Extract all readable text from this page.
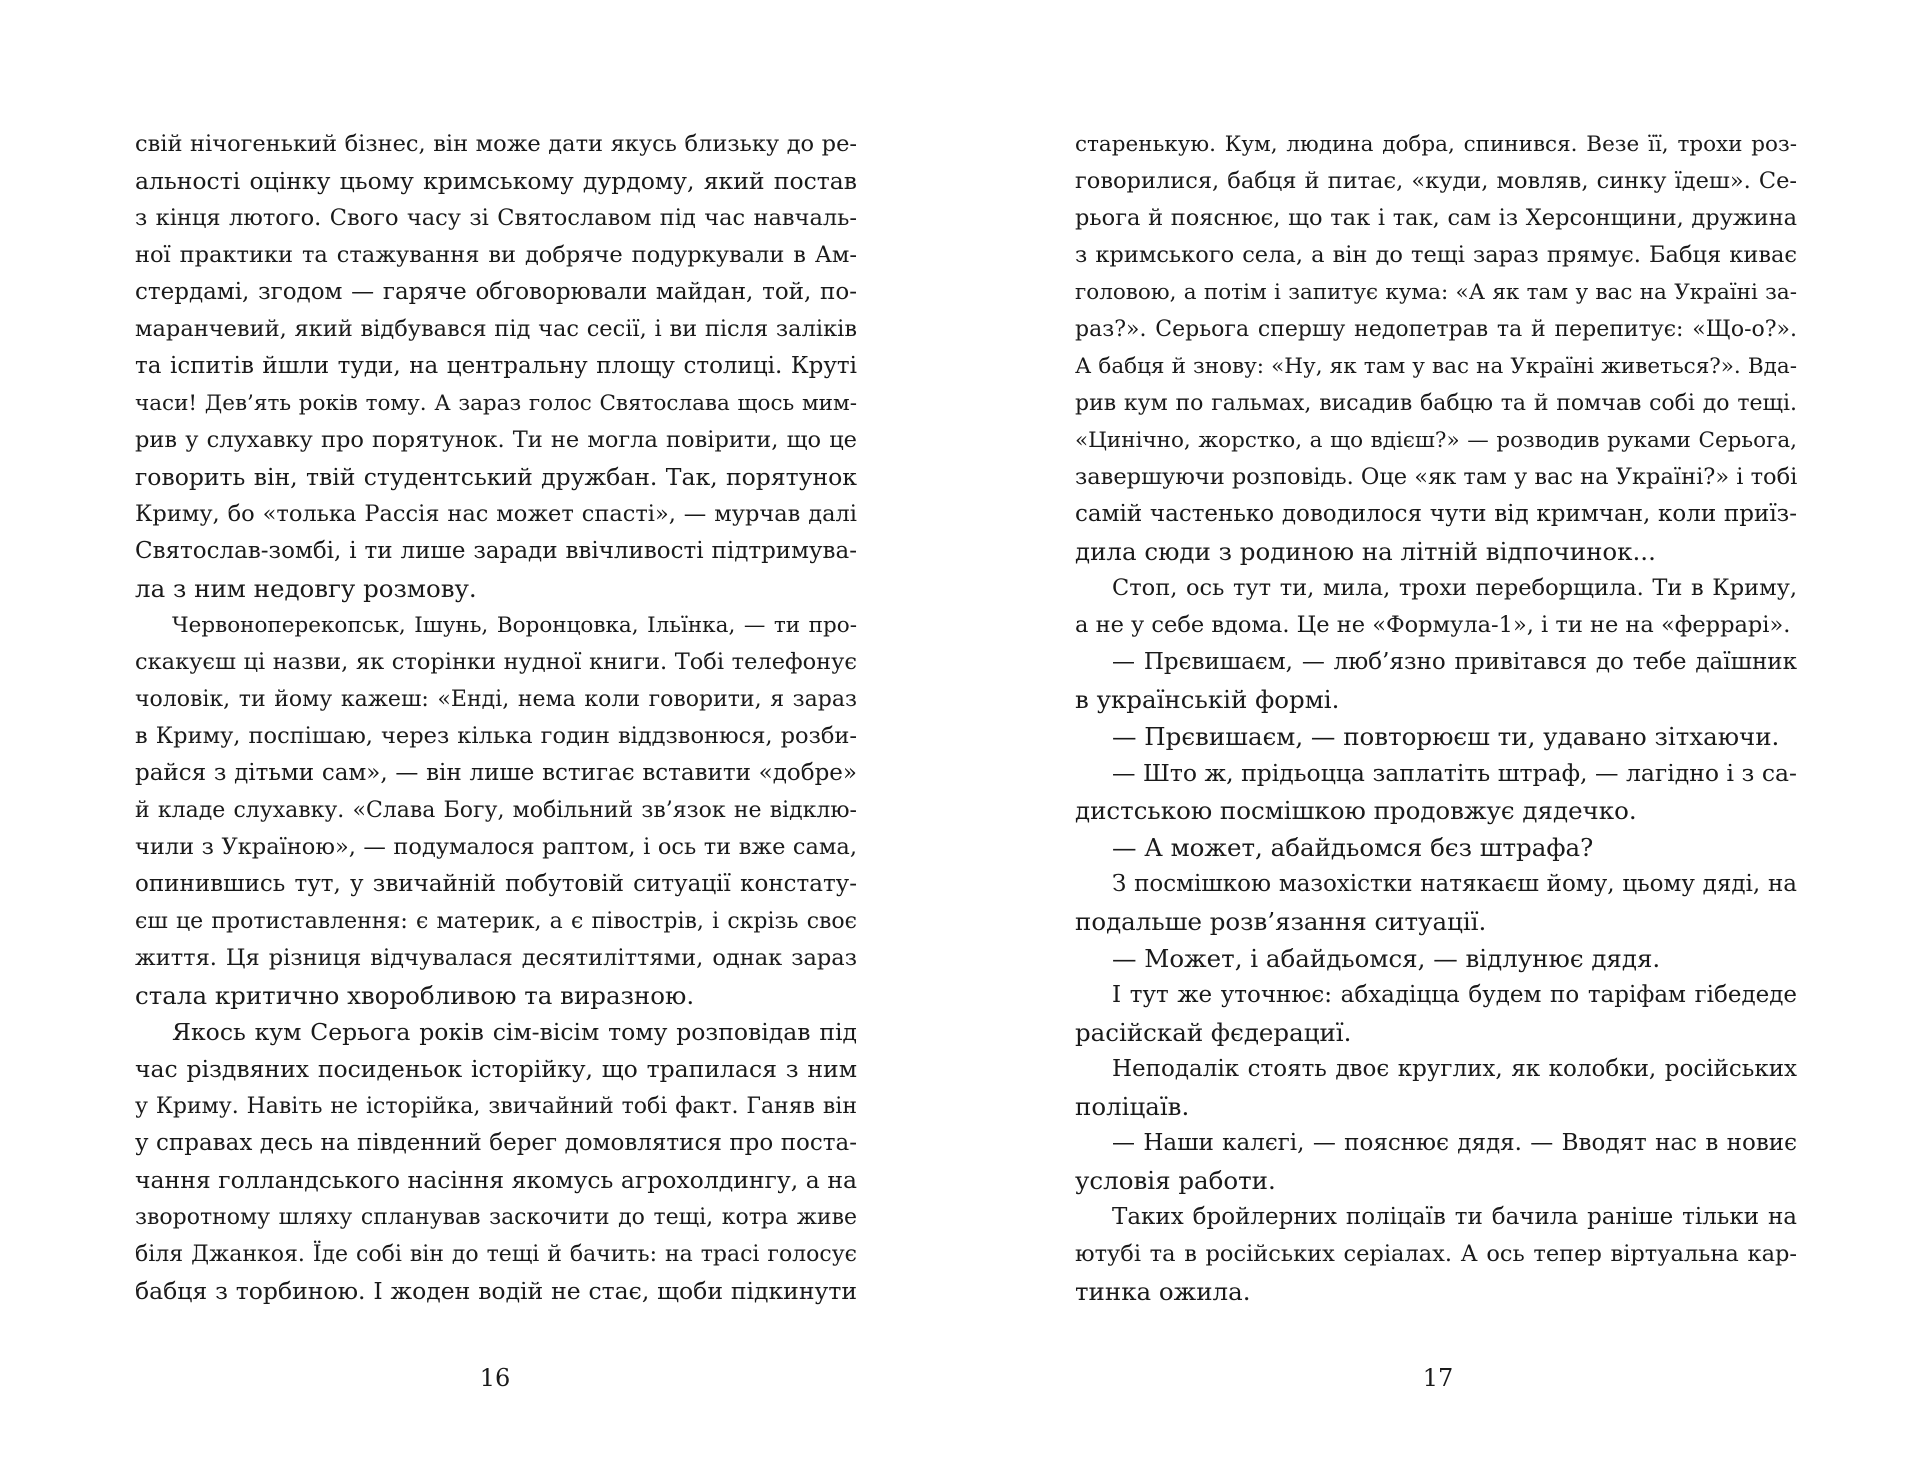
свій нічогенький бізнес, він може дати якусь близьку до ре-
альності оцінку цьому кримському дурдому, який постав
з кінця лютого. Свого часу зі Святославом під час навчаль-
ної практики та стажування ви добряче подуркували в Ам-
стердамі, згодом — гаряче обговорювали майдан, той, по-
маранчевий, який відбувався під час сесії, і ви після заліків
та іспитів йшли туди, на центральну площу столиці. Круті
часи! Дев’ять років тому. А зараз голос Святослава щось мим-
рив у слухавку про порятунок. Ти не могла повірити, що це
говорить він, твій студентський дружбан. Так, порятунок
Криму, бо «толька Рассія нас может спасті», — мурчав далі
Святослав-зомбі, і ти лише заради ввічливості підтримува-
ла з ним недовгу розмову.
Червоноперекопськ, Ішунь, Воронцовка, Ільїнка, — ти про-
скакуєш ці назви, як сторінки нудної книги. Тобі телефонує
чоловік, ти йому кажеш: «Енді, нема коли говорити, я зараз
в Криму, поспішаю, через кілька годин віддзвонюся, розби-
райся з дітьми сам», — він лише встигає вставити «добре»
й кладе слухавку. «Слава Богу, мобільний зв’язок не відклю-
чили з Україною», — подумалося раптом, і ось ти вже сама,
опинившись тут, у звичайній побутовій ситуації констату-
єш це протиставлення: є материк, а є півострів, і скрізь своє
життя. Ця різниця відчувалася десятиліттями, однак зараз
стала критично хворобливою та виразною.
Якось кум Серьога років сім-вісім тому розповідав під
час різдвяних посиденьок історійку, що трапилася з ним
у Криму. Навіть не історійка, звичайний тобі факт. Ганяв він
у справах десь на південний берег домовлятися про поста-
чання голландського насіння якомусь агрохолдингу, а на
зворотному шляху спланував заскочити до тещі, котра живе
біля Джанкоя. Їде собі він до тещі й бачить: на трасі голосує
бабця з торбиною. І жоден водій не стає, щоби підкинути
старенькую. Кум, людина добра, спинився. Везе її, трохи роз-
говорилися, бабця й питає, «куди, мовляв, синку їдеш». Се-
рьога й пояснює, що так і так, сам із Херсонщини, дружина
з кримського села, а він до тещі зараз прямує. Бабця киває
головою, а потім і запитує кума: «А як там у вас на Україні за-
раз?». Серьога спершу недопетрав та й перепитує: «Що-о?».
А бабця й знову: «Ну, як там у вас на Україні живеться?». Вда-
рив кум по гальмах, висадив бабцю та й помчав собі до тещі.
«Цинічно, жорстко, а що вдієш?» — розводив руками Серьога,
завершуючи розповідь. Оце «як там у вас на Україні?» і тобі
самій частенько доводилося чути від кримчан, коли приїз-
дила сюди з родиною на літній відпочинок...
Стоп, ось тут ти, мила, трохи переборщила. Ти в Криму,
а не у себе вдома. Це не «Формула-1», і ти не на «феррарі».
— Прєвишаєм, — люб’язно привітався до тебе даїшник
в українській формі.
— Прєвишаєм, — повторюєш ти, удавано зітхаючи.
— Што ж, прідьоцца заплатіть штраф, — лагідно і з са-
дистською посмішкою продовжує дядечко.
— А может, абайдьомся бєз штрафа?
З посмішкою мазохістки натякаєш йому, цьому дяді, на
подальше розв’язання ситуації.
— Может, і абайдьомся, — відлунює дядя.
І тут же уточнює: абхадіцца будем по таріфам гібедеде
расійскай фєдерациї.
Неподалік стоять двоє круглих, як колобки, російських
поліцаїв.
— Наши калєгі, — пояснює дядя. — Вводят нас в новиє
условія работи.
Таких бройлерних поліцаїв ти бачила раніше тільки на
ютубі та в російських серіалах. А ось тепер віртуальна кар-
тинка ожила.
16	17
